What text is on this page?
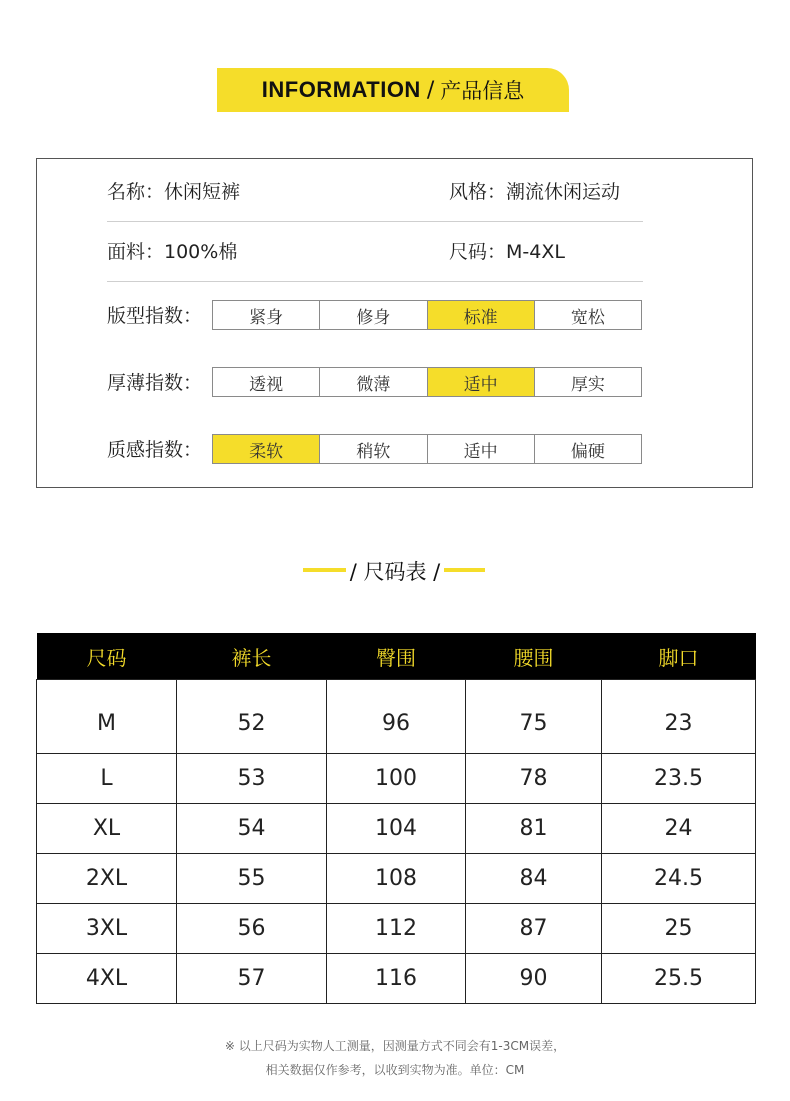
INFORMATION / 产品信息
名称：休闲短裤	风格：潮流休闲运动
面料：100%棉	尺码：M-4XL
版型指数：	紧身	修身	标准	宽松
厚薄指数：	透视	微薄	适中	厚实
质感指数：	柔软	稍软	适中	偏硬
/ 尺码表 /
尺码	裤长	臀围	腰围	脚口
M	52	96	75	23
L	53	100	78	23.5
XL	54	104	81	24
2XL	55	108	84	24.5
3XL	56	112	87	25
4XL	57	116	90	25.5
※ 以上尺码为实物人工测量，因测量方式不同会有1-3CM误差，
相关数据仅作参考，以收到实物为准。单位：CM
